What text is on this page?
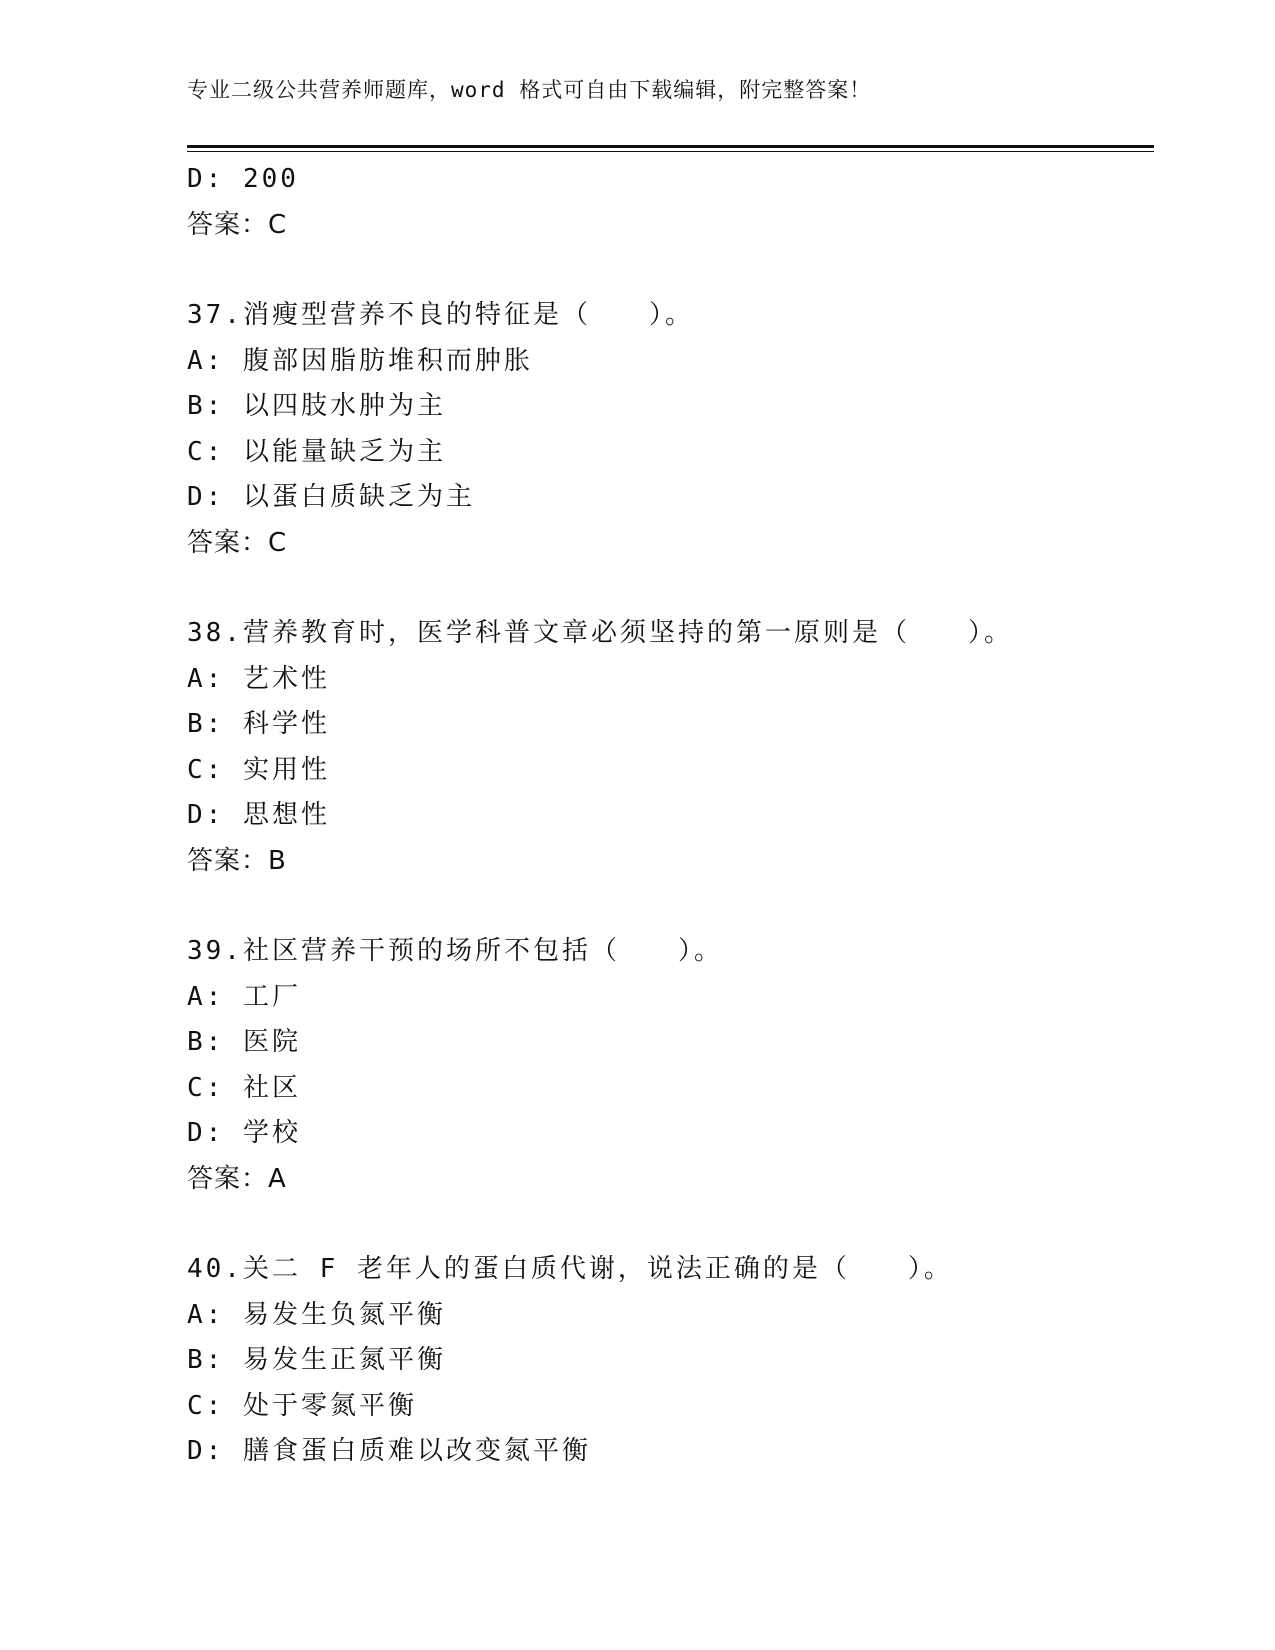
专业二级公共营养师题库，word 格式可自由下载编辑，附完整答案！
D: 200
答案：C
37.消瘦型营养不良的特征是（　　）。
A: 腹部因脂肪堆积而肿胀
B: 以四肢水肿为主
C: 以能量缺乏为主
D: 以蛋白质缺乏为主
答案：C
38.营养教育时，医学科普文章必须坚持的第一原则是（　　）。
A: 艺术性
B: 科学性
C: 实用性
D: 思想性
答案：B
39.社区营养干预的场所不包括（　　）。
A: 工厂
B: 医院
C: 社区
D: 学校
答案：A
40.关二 F 老年人的蛋白质代谢，说法正确的是（　　）。
A: 易发生负氮平衡
B: 易发生正氮平衡
C: 处于零氮平衡
D: 膳食蛋白质难以改变氮平衡
